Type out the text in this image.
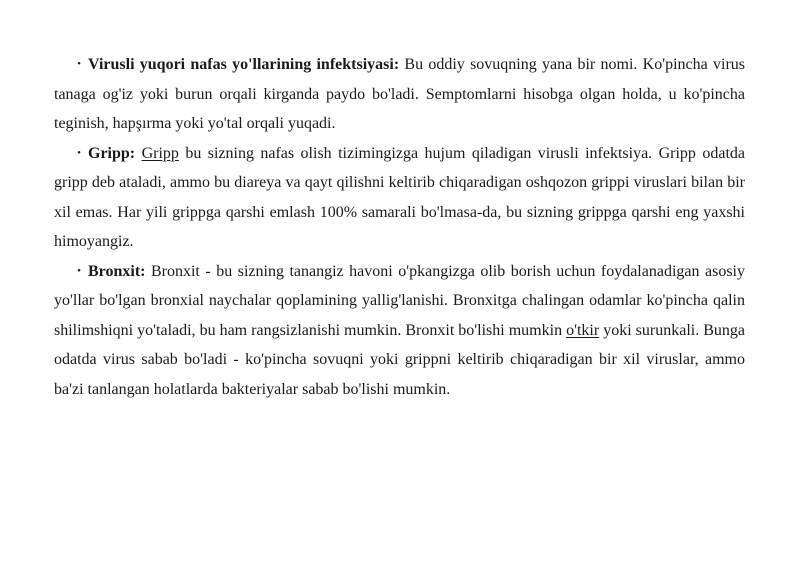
• Virusli yuqori nafas yo'llarining infektsiyasi: Bu oddiy sovuqning yana bir nomi. Ko'pincha virus tanaga og'iz yoki burun orqali kirganda paydo bo'ladi. Semptomlarni hisobga olgan holda, u ko'pincha teginish, hapşırma yoki yo'tal orqali yuqadi.

• Gripp: Gripp bu sizning nafas olish tizimingizga hujum qiladigan virusli infektsiya. Gripp odatda gripp deb ataladi, ammo bu diareya va qayt qilishni keltirib chiqaradigan oshqozon grippi viruslari bilan bir xil emas. Har yili grippga qarshi emlash 100% samarali bo'lmasa-da, bu sizning grippga qarshi eng yaxshi himoyangiz.

• Bronxit: Bronxit - bu sizning tanangiz havoni o'pkangizga olib borish uchun foydalanadigan asosiy yo'llar bo'lgan bronxial naychalar qoplamining yallig'lanishi. Bronxitga chalingan odamlar ko'pincha qalin shilimshiqni yo'taladi, bu ham rangsizlanishi mumkin. Bronxit bo'lishi mumkin o'tkir yoki surunkali. Bunga odatda virus sabab bo'ladi - ko'pincha sovuqni yoki grippni keltirib chiqaradigan bir xil viruslar, ammo ba'zi tanlangan holatlarda bakteriyalar sabab bo'lishi mumkin.
